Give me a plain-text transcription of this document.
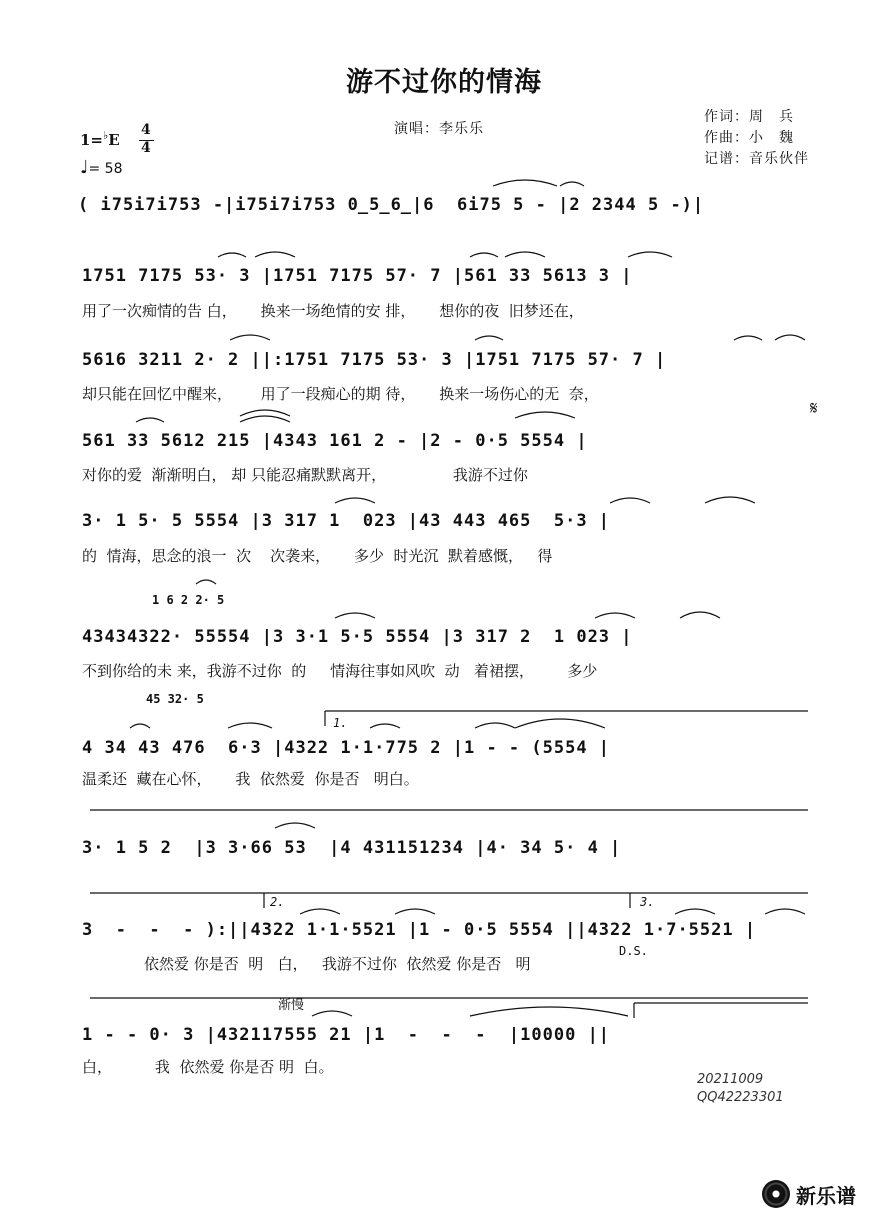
游不过你的情海
演唱：李乐乐
作词：周　兵
作曲：小　魏
记谱：音乐伙伴
1=♭E
4
4
♩= 58
( i75i7i753 -|i75i7i753 0̲5̲6̲|6  6i75 5 - |2 2344 5 -)|
1751 7175 53· 3 |1751 7175 57· 7 |561 33 5613 3 |
用了一次痴情的告 白，     换来一场绝情的安 排，     想你的夜  旧梦还在，
5616 3211 2· 2 ||:1751 7175 53· 3 |1751 7175 57· 7 |
却只能在回忆中醒来，      用了一段痴心的期 待，     换来一场伤心的无  奈，
561 33 5612 215 |4343 161 2 - |2 - 0·5 5554 |
对你的爱  渐渐明白， 却 只能忍痛默默离开，              我游不过你
3· 1 5· 5 5554 |3 317 1  023 |43 443 465  5·3 |
的  情海，思念的浪一  次    次袭来，     多少  时光沉  默着感慨，   得
1 6 2 2· 5
43434322· 55554 |3 3·1 5·5 5554 |3 317 2  1 023 |
不到你给的未 来，我游不过你  的     情海往事如风吹  动   着裙摆，       多少
45 32· 5
1.
4 34 43 476  6·3 |4322 1·1·775 2 |1 - - (5554 |
温柔还  藏在心怀，     我  依然爱  你是否   明白。
3· 1 5 2  |3 3·66 53  |4 431151234 |4· 34 5· 4 |
2.	3.
3  -  -  - ):||4322 1·1·5521 |1 - 0·5 5554 ||4322 1·7·5521 |
D.S.
依然爱 你是否  明   白，   我游不过你  依然爱 你是否   明
渐慢
1 - - 0· 3 |432117555 21 |1  -  -  -  |10000 ||
白，         我  依然爱 你是否 明  白。
𝄋
20211009
QQ42223301
新乐谱
